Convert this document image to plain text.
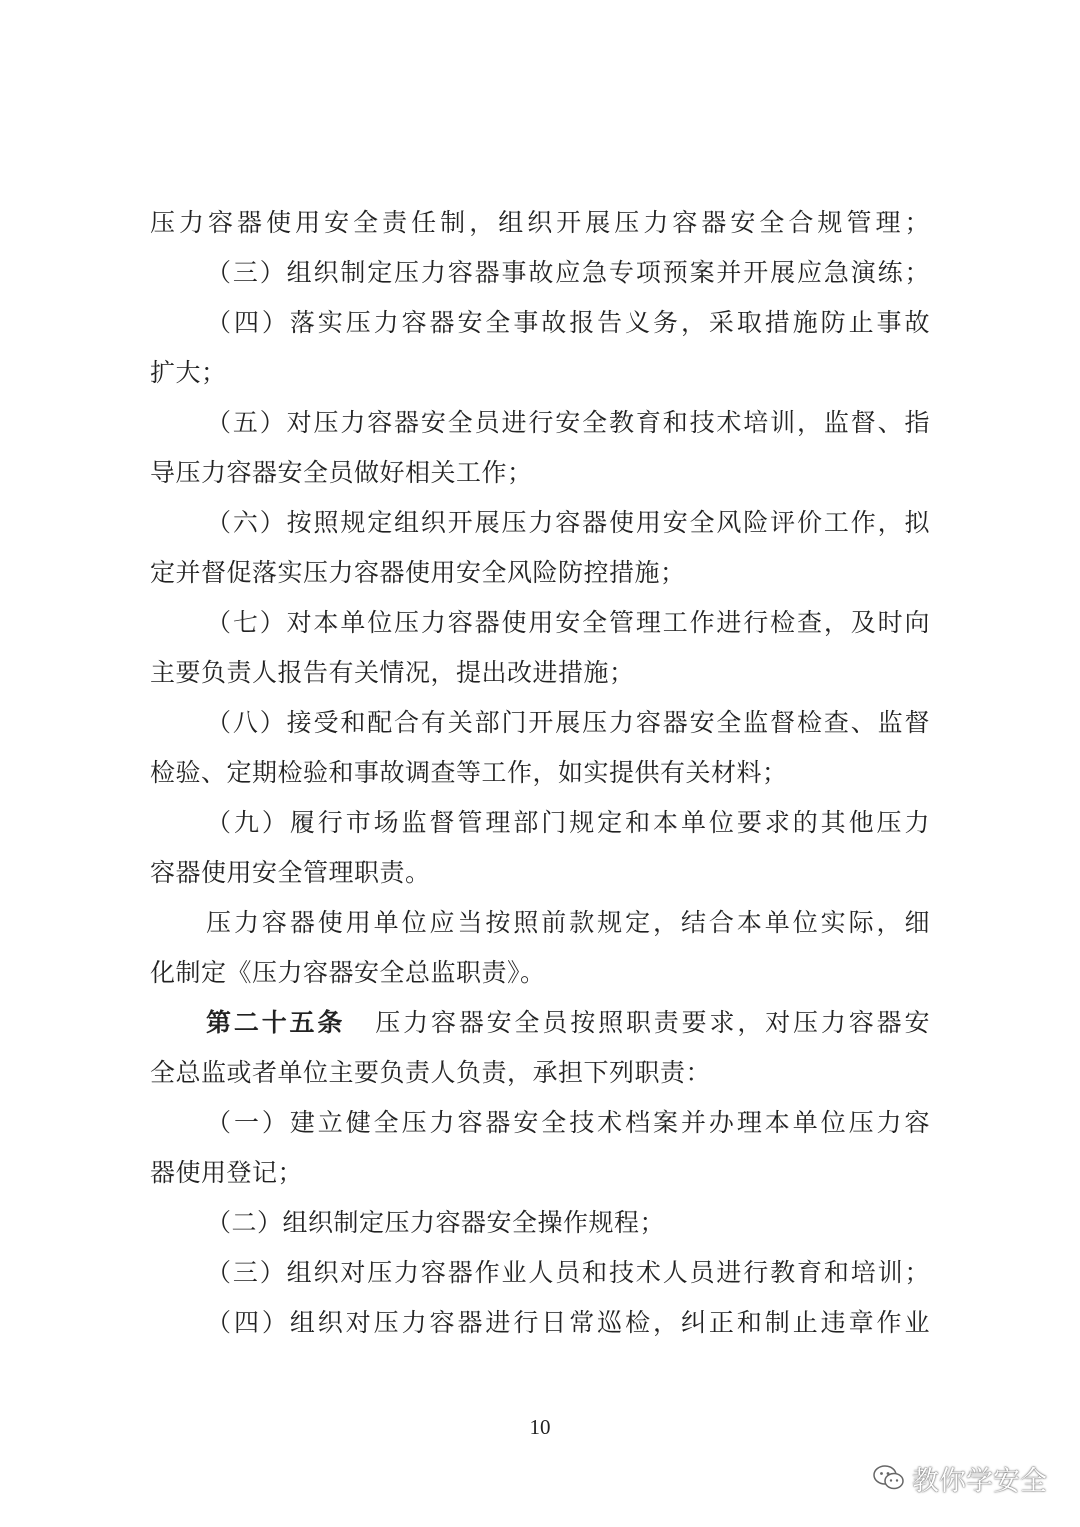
压力容器使用安全责任制，组织开展压力容器安全合规管理；
（三）组织制定压力容器事故应急专项预案并开展应急演练；
（四）落实压力容器安全事故报告义务，采取措施防止事故
扩大；
（五）对压力容器安全员进行安全教育和技术培训，监督、指
导压力容器安全员做好相关工作；
（六）按照规定组织开展压力容器使用安全风险评价工作，拟
定并督促落实压力容器使用安全风险防控措施；
（七）对本单位压力容器使用安全管理工作进行检查，及时向
主要负责人报告有关情况，提出改进措施；
（八）接受和配合有关部门开展压力容器安全监督检查、监督
检验、定期检验和事故调查等工作，如实提供有关材料；
（九）履行市场监督管理部门规定和本单位要求的其他压力
容器使用安全管理职责。
压力容器使用单位应当按照前款规定，结合本单位实际，细
化制定《压力容器安全总监职责》。
第二十五条 压力容器安全员按照职责要求，对压力容器安
全总监或者单位主要负责人负责，承担下列职责：
（一）建立健全压力容器安全技术档案并办理本单位压力容
器使用登记；
（二）组织制定压力容器安全操作规程；
（三）组织对压力容器作业人员和技术人员进行教育和培训；
（四）组织对压力容器进行日常巡检，纠正和制止违章作业
10
教你学安全
